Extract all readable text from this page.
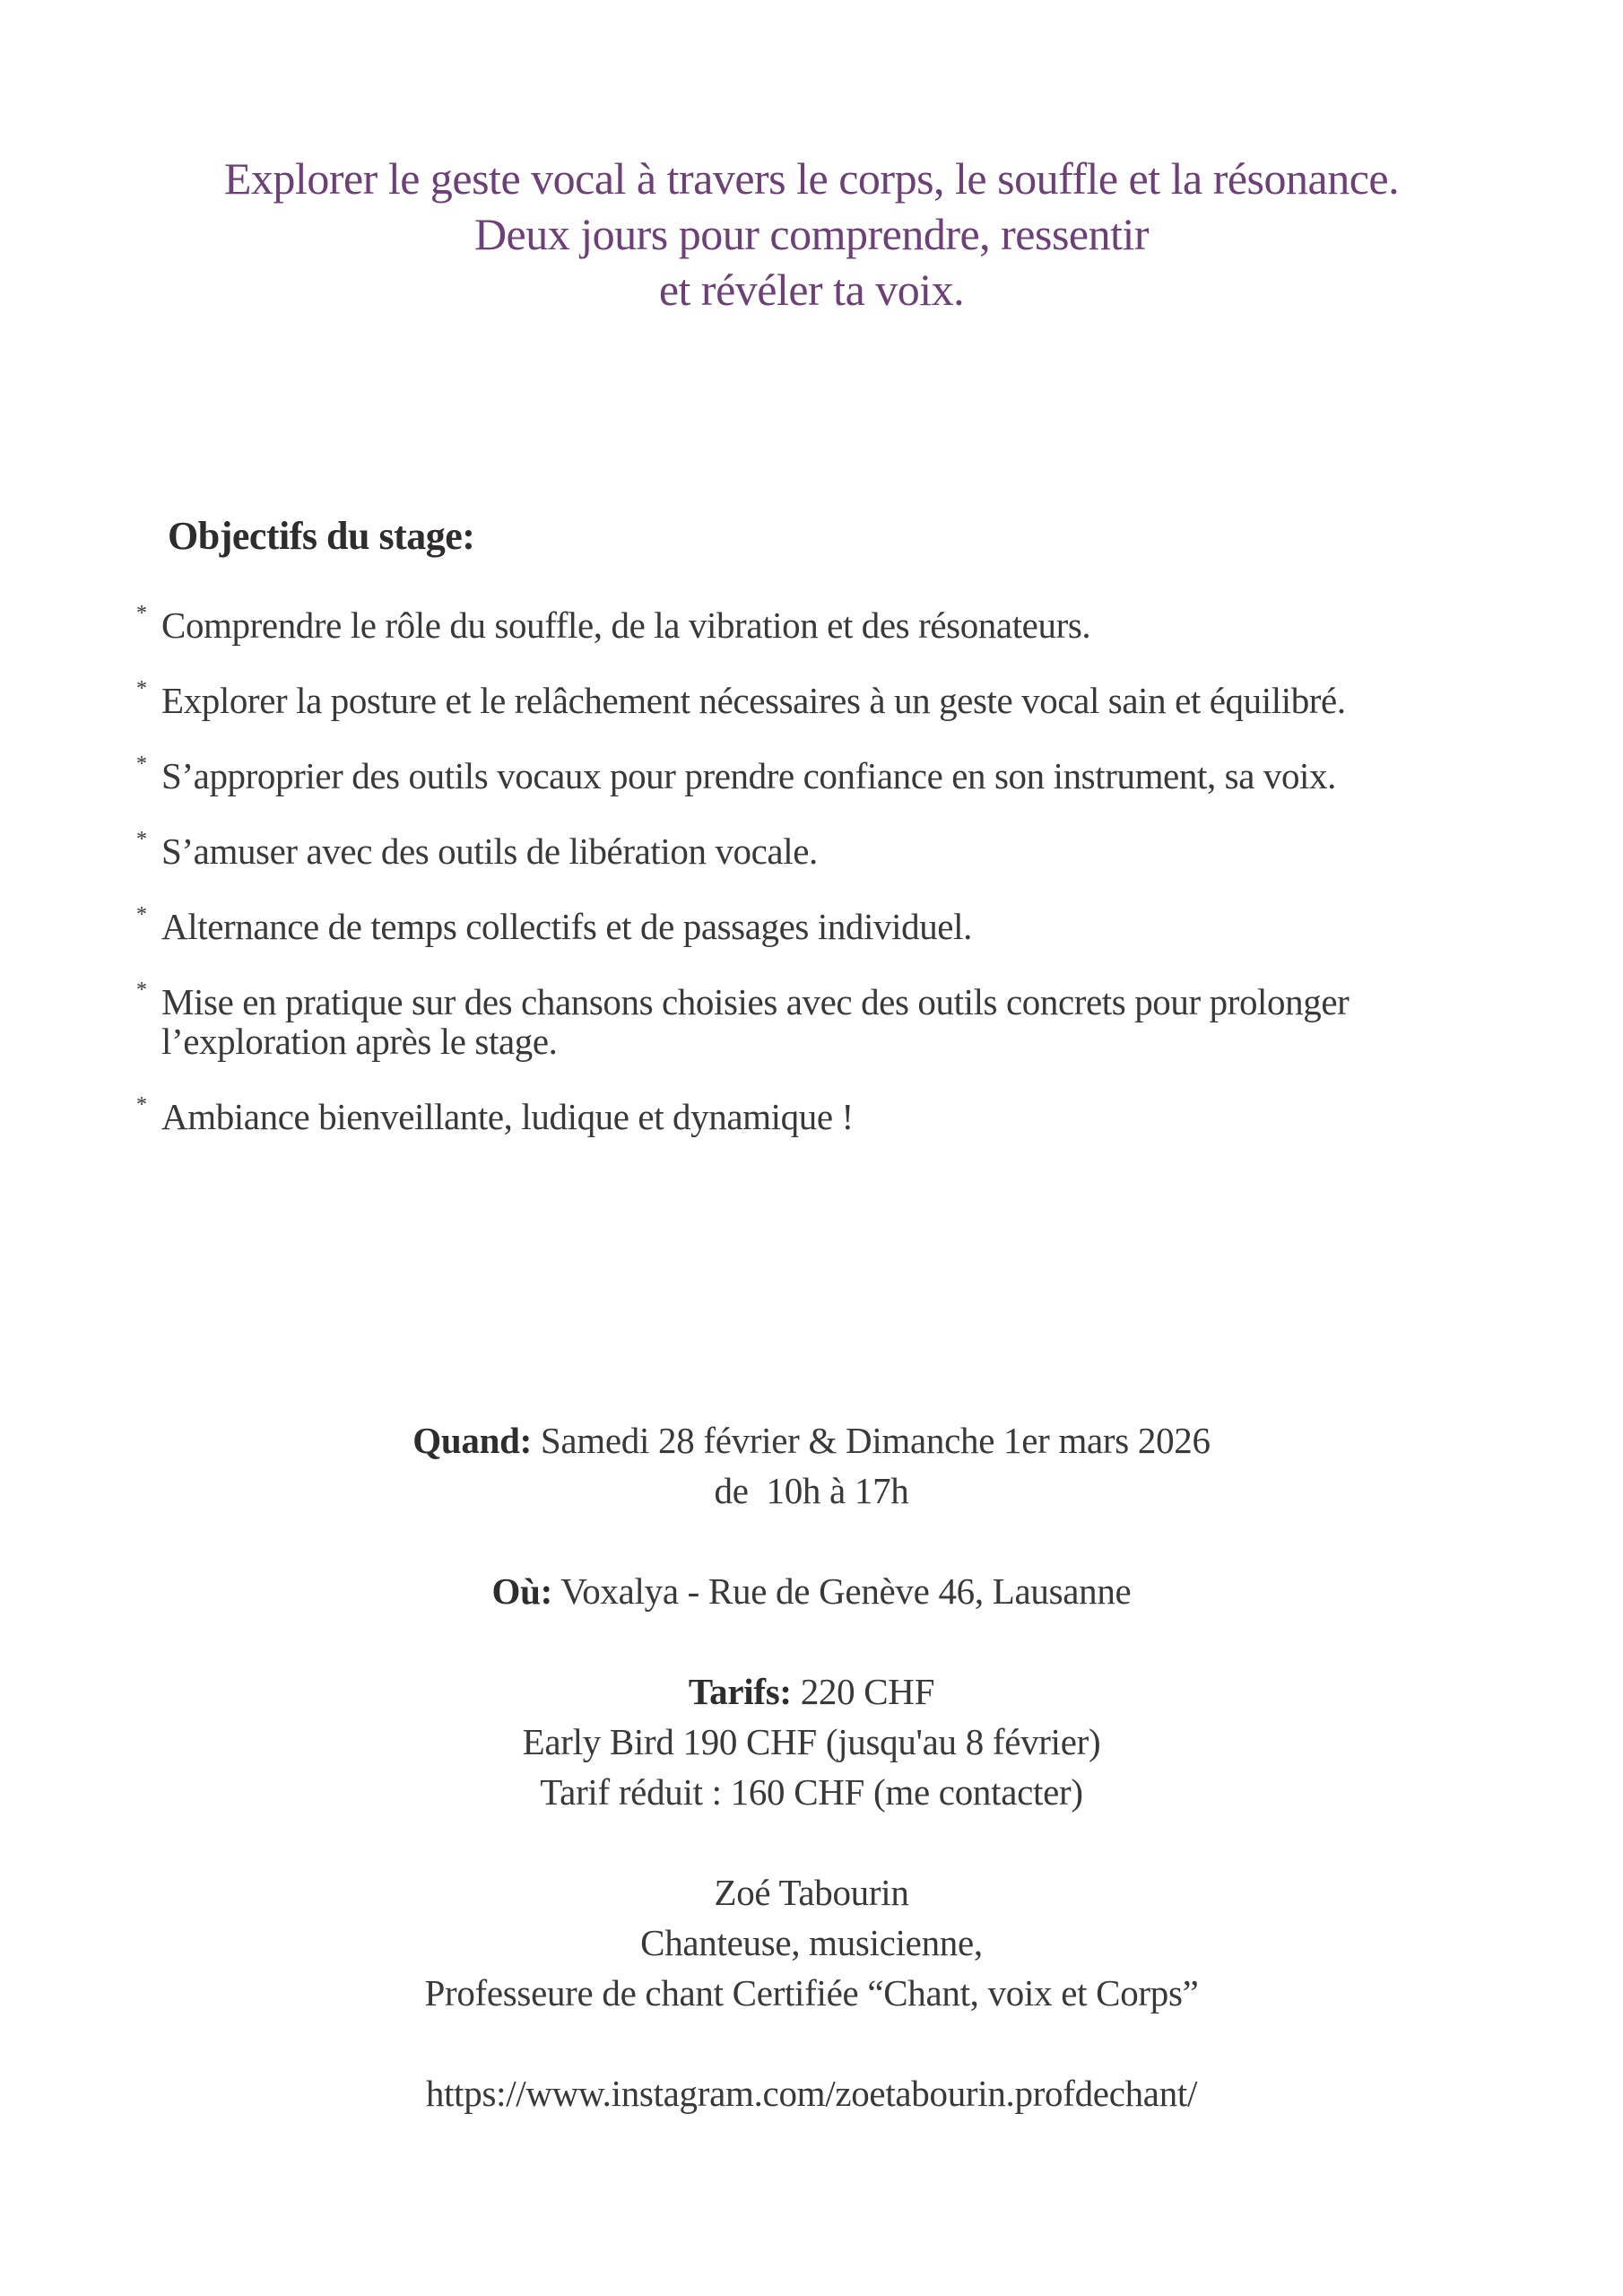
Explorer le geste vocal à travers le corps, le souffle et la résonance.
Deux jours pour comprendre, ressentir
et révéler ta voix.
Objectifs du stage:
* Comprendre le rôle du souffle, de la vibration et des résonateurs.
* Explorer la posture et le relâchement nécessaires à un geste vocal sain et équilibré.
* S’approprier des outils vocaux pour prendre confiance en son instrument, sa voix.
* S’amuser avec des outils de libération vocale.
* Alternance de temps collectifs et de passages individuel.
* Mise en pratique sur des chansons choisies avec des outils concrets pour prolonger l’exploration après le stage.
* Ambiance bienveillante, ludique et dynamique !
Quand: Samedi 28 février & Dimanche 1er mars 2026
de  10h à 17h
Où: Voxalya - Rue de Genève 46, Lausanne
Tarifs: 220 CHF
Early Bird 190 CHF (jusqu'au 8 février)
Tarif réduit : 160 CHF (me contacter)
Zoé Tabourin
Chanteuse, musicienne,
Professeure de chant Certifiée “Chant, voix et Corps”
https://www.instagram.com/zoetabourin.profdechant/
